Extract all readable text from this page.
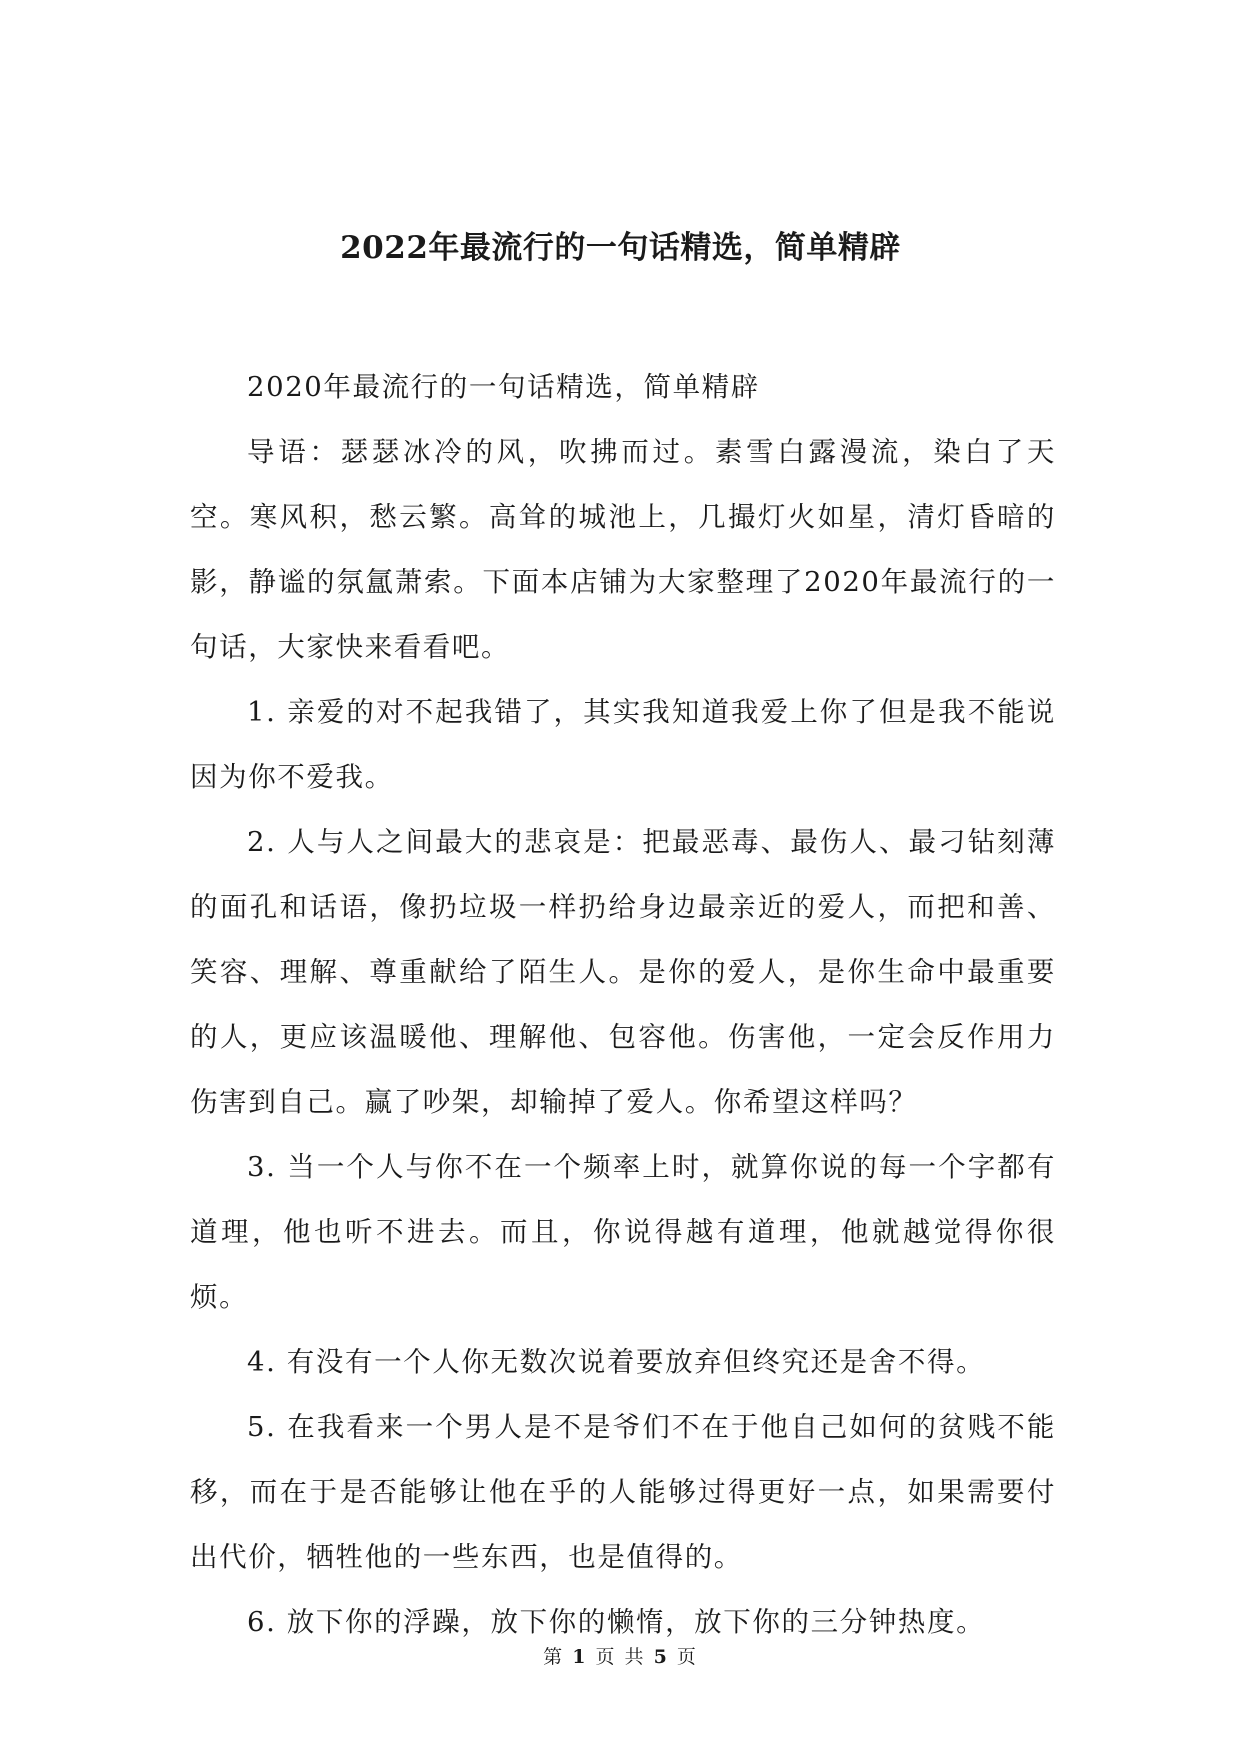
2022年最流行的一句话精选，简单精辟

2020年最流行的一句话精选，简单精辟

导语：瑟瑟冰冷的风，吹拂而过。素雪白露漫流，染白了天空。寒风积，愁云繁。高耸的城池上，几撮灯火如星，清灯昏暗的影，静谧的氛氲萧索。下面本店铺为大家整理了2020年最流行的一句话，大家快来看看吧。

1. 亲爱的对不起我错了，其实我知道我爱上你了但是我不能说因为你不爱我。

2. 人与人之间最大的悲哀是：把最恶毒、最伤人、最刁钻刻薄的面孔和话语，像扔垃圾一样扔给身边最亲近的爱人，而把和善、笑容、理解、尊重献给了陌生人。是你的爱人，是你生命中最重要的人，更应该温暖他、理解他、包容他。伤害他，一定会反作用力伤害到自己。赢了吵架，却输掉了爱人。你希望这样吗？

3. 当一个人与你不在一个频率上时，就算你说的每一个字都有道理，他也听不进去。而且，你说得越有道理，他就越觉得你很烦。

4. 有没有一个人你无数次说着要放弃但终究还是舍不得。

5. 在我看来一个男人是不是爷们不在于他自己如何的贫贱不能移，而在于是否能够让他在乎的人能够过得更好一点，如果需要付出代价，牺牲他的一些东西，也是值得的。

6. 放下你的浮躁，放下你的懒惰，放下你的三分钟热度。

第 1 页 共 5 页
